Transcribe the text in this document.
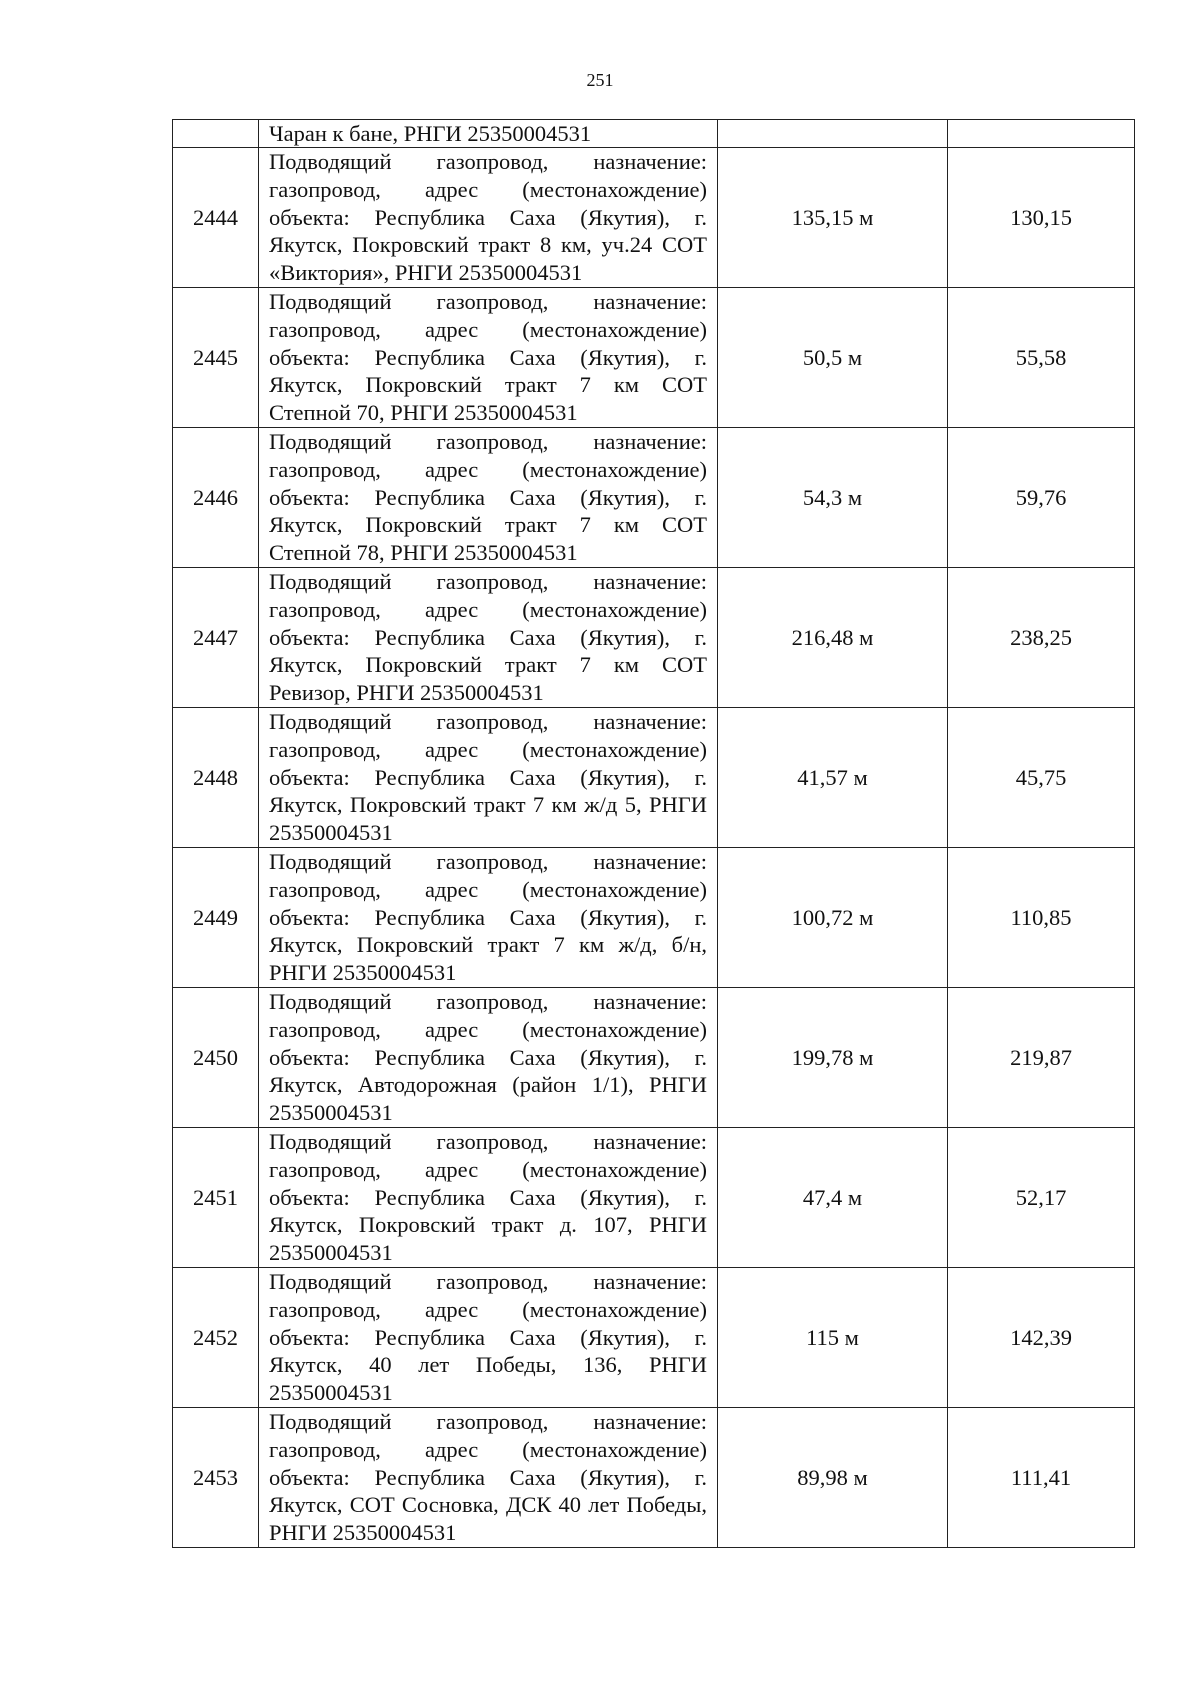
251
	Чаран к бане, РНГИ 25350004531		
2444	Подводящий газопровод, назначение: газопровод, адрес (местонахождение) объекта: Республика Саха (Якутия), г. Якутск, Покровский тракт 8 км, уч.24 СОТ «Виктория», РНГИ 25350004531	135,15 м	130,15
2445	Подводящий газопровод, назначение: газопровод, адрес (местонахождение) объекта: Республика Саха (Якутия), г. Якутск, Покровский тракт 7 км СОТ Степной 70, РНГИ 25350004531	50,5 м	55,58
2446	Подводящий газопровод, назначение: газопровод, адрес (местонахождение) объекта: Республика Саха (Якутия), г. Якутск, Покровский тракт 7 км СОТ Степной 78, РНГИ 25350004531	54,3 м	59,76
2447	Подводящий газопровод, назначение: газопровод, адрес (местонахождение) объекта: Республика Саха (Якутия), г. Якутск, Покровский тракт 7 км СОТ Ревизор, РНГИ 25350004531	216,48 м	238,25
2448	Подводящий газопровод, назначение: газопровод, адрес (местонахождение) объекта: Республика Саха (Якутия), г. Якутск, Покровский тракт 7 км ж/д 5, РНГИ 25350004531	41,57 м	45,75
2449	Подводящий газопровод, назначение: газопровод, адрес (местонахождение) объекта: Республика Саха (Якутия), г. Якутск, Покровский тракт 7 км ж/д, б/н, РНГИ 25350004531	100,72 м	110,85
2450	Подводящий газопровод, назначение: газопровод, адрес (местонахождение) объекта: Республика Саха (Якутия), г. Якутск, Автодорожная (район 1/1), РНГИ 25350004531	199,78 м	219,87
2451	Подводящий газопровод, назначение: газопровод, адрес (местонахождение) объекта: Республика Саха (Якутия), г. Якутск, Покровский тракт д. 107, РНГИ 25350004531	47,4 м	52,17
2452	Подводящий газопровод, назначение: газопровод, адрес (местонахождение) объекта: Республика Саха (Якутия), г. Якутск, 40 лет Победы, 136, РНГИ 25350004531	115 м	142,39
2453	Подводящий газопровод, назначение: газопровод, адрес (местонахождение) объекта: Республика Саха (Якутия), г. Якутск, СОТ Сосновка, ДСК 40 лет Победы, РНГИ 25350004531	89,98 м	111,41
